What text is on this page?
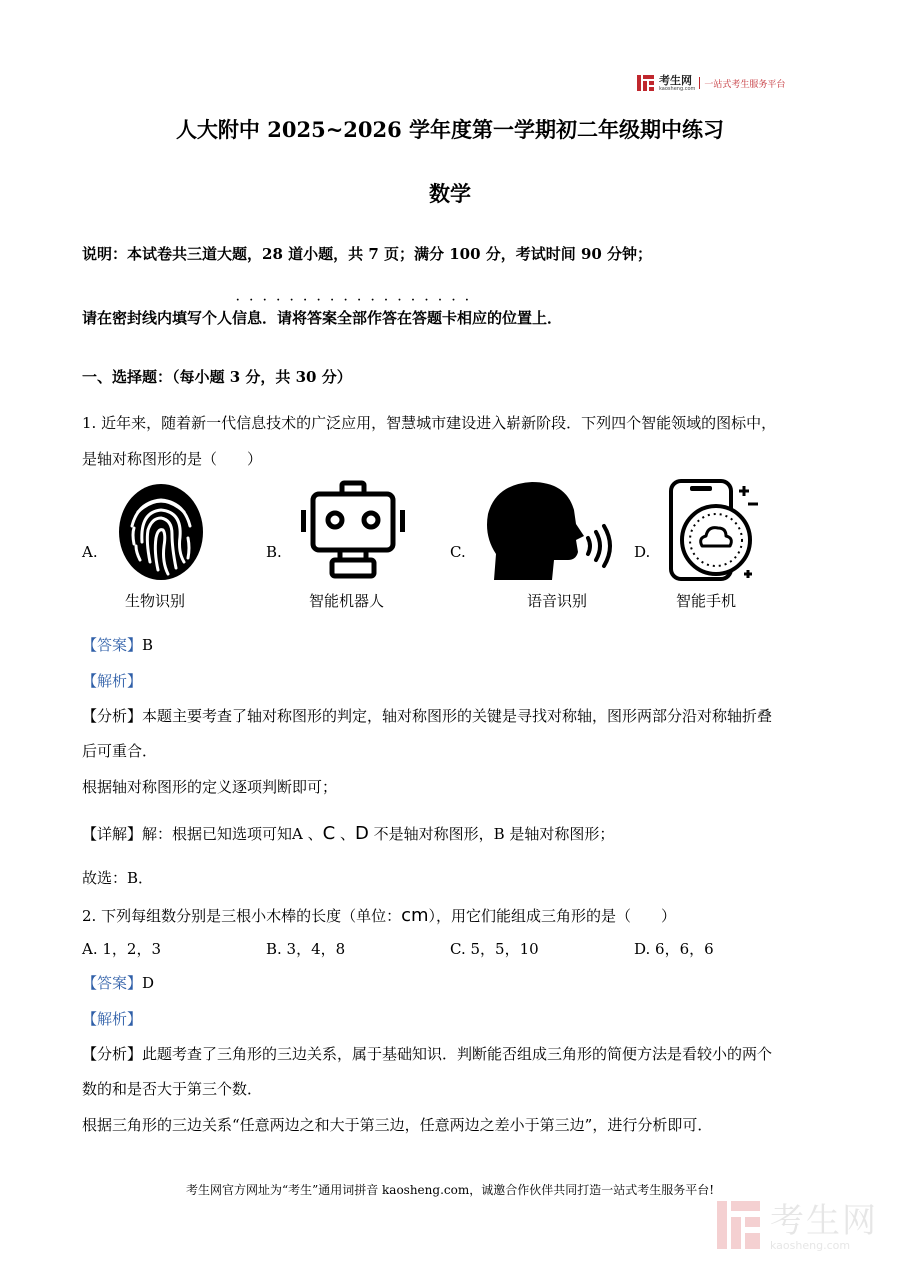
考生网
kaosheng.com 一站式考生服务平台
人大附中 2025~2026 学年度第一学期初二年级期中练习
数学
说明：本试卷共三道大题，28 道小题，共 7 页；满分 100 分，考试时间 90 分钟；
··················
请在密封线内填写个人信息．请将答案全部作答在答题卡相应的位置上．
一、选择题：（每小题 3 分，共 30 分）
1. 近年来，随着新一代信息技术的广泛应用，智慧城市建设进入崭新阶段．下列四个智能领域的图标中，
是轴对称图形的是（　　）
A.
生物识别
B.
智能机器人
C.
语音识别
D.
智能手机
【答案】B
【解析】
【分析】本题主要考查了轴对称图形的判定，轴对称图形的关键是寻找对称轴，图形两部分沿对称轴折叠
后可重合．
根据轴对称图形的定义逐项判断即可；
【详解】解：根据已知选项可知A 、C 、D 不是轴对称图形，B 是轴对称图形；
故选：B．
2. 下列每组数分别是三根小木棒的长度（单位：cm），用它们能组成三角形的是（　　）
A. 1，2，3	B. 3，4，8	C. 5，5，10	D. 6，6，6
【答案】D
【解析】
【分析】此题考查了三角形的三边关系，属于基础知识．判断能否组成三角形的简便方法是看较小的两个
数的和是否大于第三个数．
根据三角形的三边关系“任意两边之和大于第三边，任意两边之差小于第三边”，进行分析即可．
考生网官方网址为“考生”通用词拼音 kaosheng.com，诚邀合作伙伴共同打造一站式考生服务平台!
考生网
kaosheng.com
